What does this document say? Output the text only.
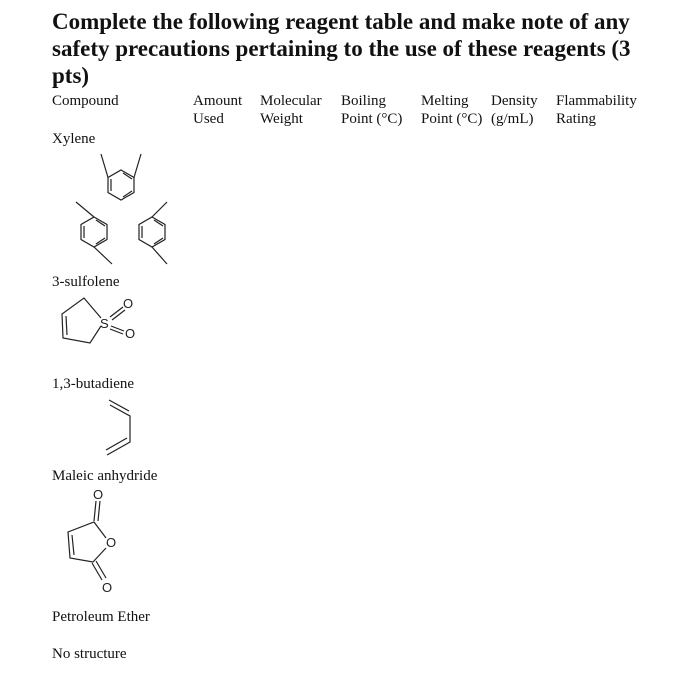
Complete the following reagent table and make note of any safety precautions pertaining to the use of these reagents (3 pts)
Compound	Amount
Used
Molecular
Weight
Boiling
Point (°C)
Melting
Point (°C)
Density
(g/mL)
Flammability
Rating
Xylene
3-sulfolene
1,3-butadiene
Maleic anhydride
Petroleum Ether
No structure
S
O
O
O
O
O
